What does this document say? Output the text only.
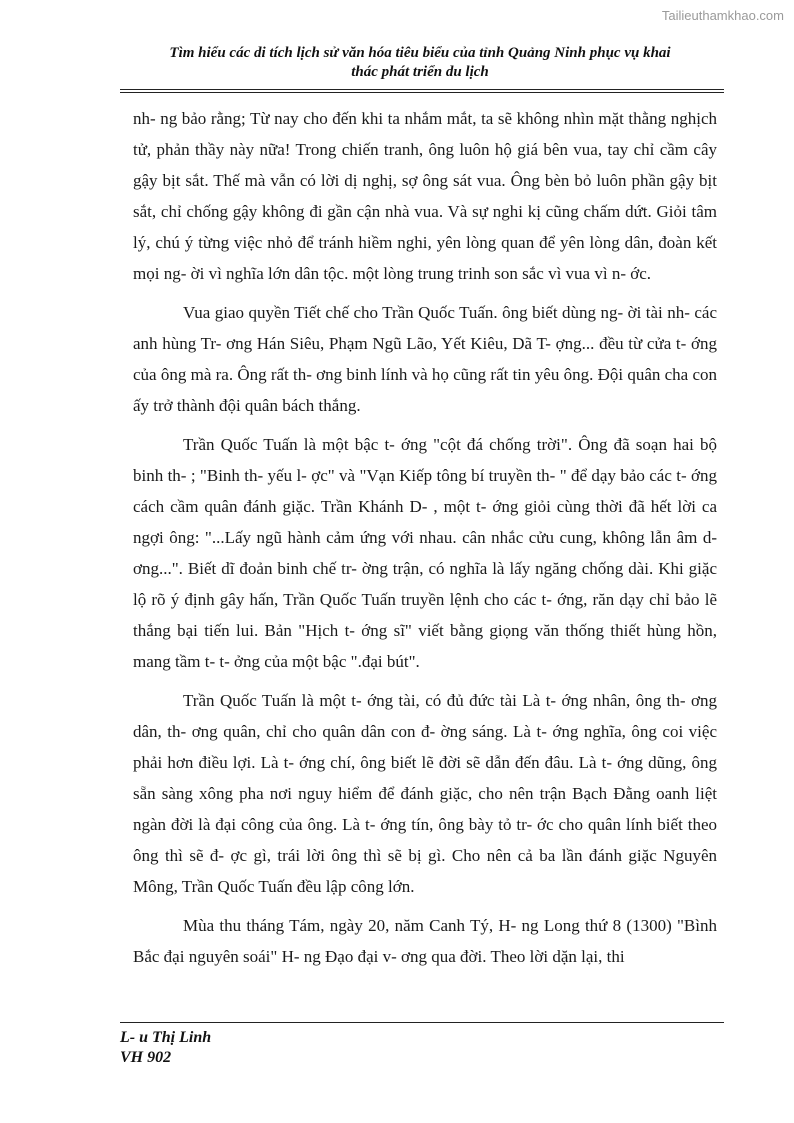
Tailieuthamkhao.com
Tìm hiểu các di tích lịch sử văn hóa tiêu biểu của tỉnh Quảng Ninh phục vụ khai
thác phát triển du lịch

nh- ng bảo rằng; Từ nay cho đến khi ta nhắm mắt, ta sẽ không nhìn mặt thằng nghịch tử, phản thầy này nữa! Trong chiến tranh, ông luôn hộ giá bên vua, tay chỉ cầm cây gậy bịt sắt. Thế mà vẫn có lời dị nghị, sợ ông sát vua. Ông bèn bỏ luôn phần gậy bịt sắt, chỉ chống gậy không đi gần cận nhà vua. Và sự nghi kị cũng chấm dứt. Giỏi tâm lý, chú ý từng việc nhỏ để tránh hiềm nghi, yên lòng quan để yên lòng dân, đoàn kết mọi ng- ời vì nghĩa lớn dân tộc. một lòng trung trinh son sắc vì vua vì n- ớc.

Vua giao quyền Tiết chế cho Trần Quốc Tuấn. ông biết dùng ng- ời tài nh- các anh hùng Tr- ơng Hán Siêu, Phạm Ngũ Lão, Yết Kiêu, Dã T- ợng... đều từ cửa t- ớng của ông mà ra. Ông rất th- ơng binh lính và họ cũng rất tin yêu ông. Đội quân cha con ấy trở thành đội quân bách thắng.

Trần Quốc Tuấn là một bậc t- ớng "cột đá chống trời". Ông đã soạn hai bộ binh th- ; "Binh th- yếu l- ợc" và "Vạn Kiếp tông bí truyền th- " để dạy bảo các t- ớng cách cầm quân đánh giặc. Trần Khánh D- , một t- ớng giỏi cùng thời đã hết lời ca ngợi ông: "...Lấy ngũ hành cảm ứng với nhau. cân nhắc cửu cung, không lẫn âm d- ơng...". Biết dĩ đoản binh chế tr- ờng trận, có nghĩa là lấy ngăng chống dài. Khi giặc lộ rõ ý định gây hấn, Trần Quốc Tuấn truyền lệnh cho các t- ớng, răn dạy chỉ bảo lẽ thắng bại tiến lui. Bản "Hịch t- ớng sĩ" viết bằng giọng văn thống thiết hùng hồn, mang tầm t- t- ởng của một bậc ".đại bút".

Trần Quốc Tuấn là một t- ớng tài, có đủ đức tài Là t- ớng nhân, ông th- ơng dân, th- ơng quân, chỉ cho quân dân con đ- ờng sáng. Là t- ớng nghĩa, ông coi việc phải hơn điều lợi. Là t- ớng chí, ông biết lẽ đời sẽ dẫn đến đâu. Là t- ớng dũng, ông sẵn sàng xông pha nơi nguy hiểm để đánh giặc, cho nên trận Bạch Đằng oanh liệt ngàn đời là đại công của ông. Là t- ớng tín, ông bày tỏ tr- ớc cho quân lính biết theo ông thì sẽ đ- ợc gì, trái lời ông thì sẽ bị gì. Cho nên cả ba lần đánh giặc Nguyên Mông, Trần Quốc Tuấn đều lập công lớn.

Mùa thu tháng Tám, ngày 20, năm Canh Tý, H- ng Long thứ 8 (1300) "Bình Bắc đại nguyên soái" H- ng Đạo đại v- ơng qua đời. Theo lời dặn lại, thi

L- u Thị Linh
VH 902
